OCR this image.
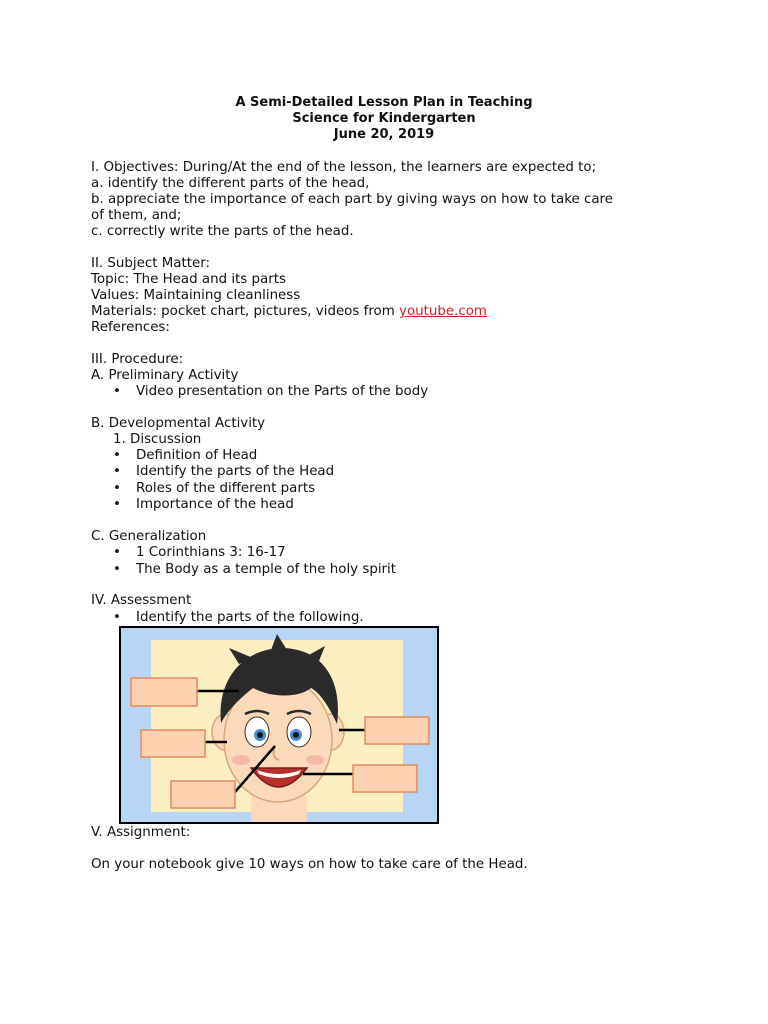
A Semi-Detailed Lesson Plan in Teaching
Science for Kindergarten
June 20, 2019
I. Objectives: During/At the end of the lesson, the learners are expected to;
a. identify the different parts of the head,
b. appreciate the importance of each part by giving ways on how to take care
of them, and;
c. correctly write the parts of the head.
II. Subject Matter:
Topic: The Head and its parts
Values: Maintaining cleanliness
Materials: pocket chart, pictures, videos from youtube.com
References:
III. Procedure:
A. Preliminary Activity
•	Video presentation on the Parts of the body
B. Developmental Activity
1. Discussion
•	Definition of Head
•	Identify the parts of the Head
•	Roles of the different parts
•	Importance of the head
C. Generalization
•	1 Corinthians 3: 16-17
•	The Body as a temple of the holy spirit
IV. Assessment
•	Identify the parts of the following.
V. Assignment:
On your notebook give 10 ways on how to take care of the Head.
